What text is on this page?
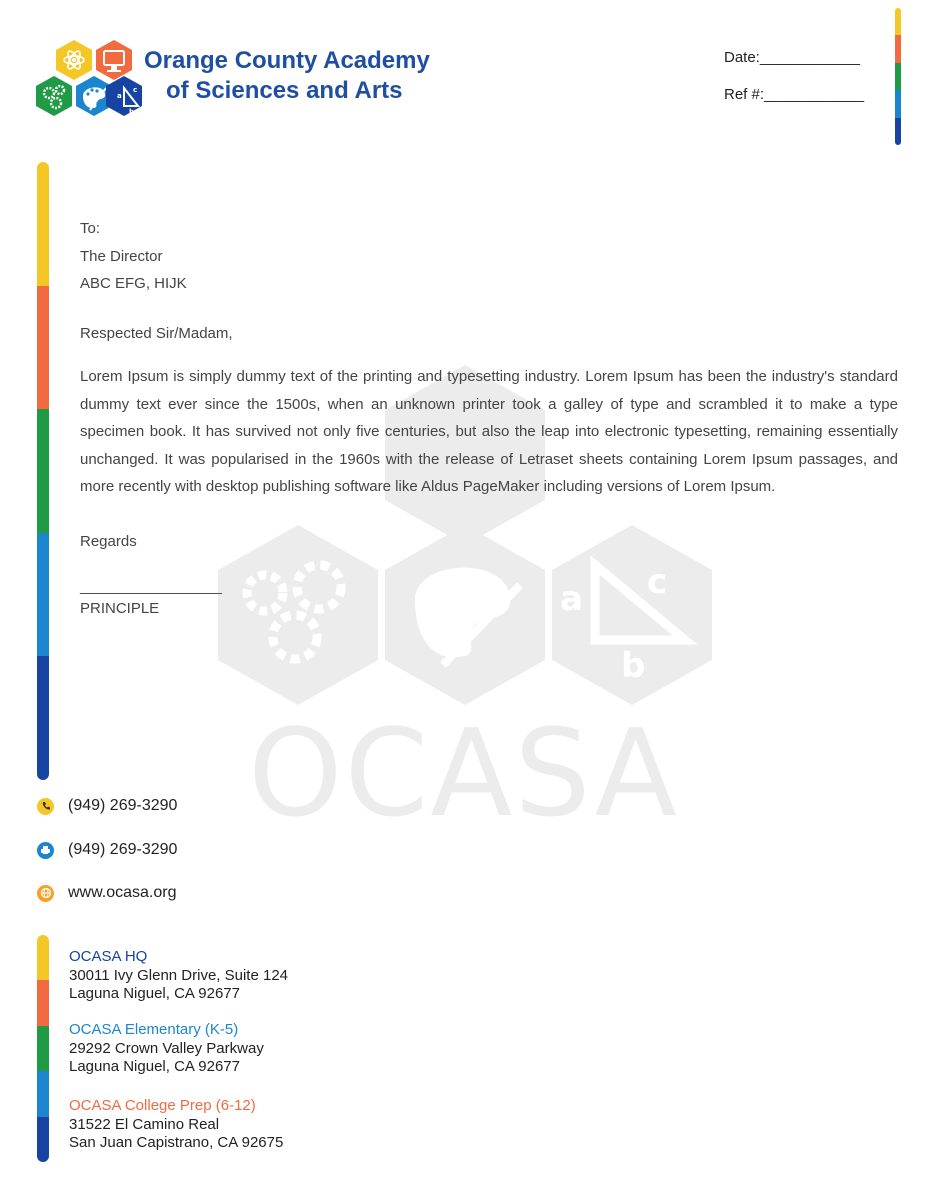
a
c
b
Orange County Academy
of Sciences and Arts
Date:____________
Ref #:____________
a c
b
OCASA

To:

The Director

ABC EFG, HIJK

Respected Sir/Madam,

Lorem Ipsum is simply dummy text of the printing and typesetting industry. Lorem Ipsum has been the industry's standard dummy text ever since the 1500s, when an unknown printer took a galley of type and scrambled it to make a type specimen book. It has survived not only five centuries, but also the leap into electronic typesetting, remaining essentially unchanged. It was popularised in the 1960s with the release of Letraset sheets containing Lorem Ipsum passages, and more recently with desktop publishing software like Aldus PageMaker including versions of Lorem Ipsum.

Regards

_________________

PRINCIPLE

(949) 269-3290
(949) 269-3290
www.ocasa.org
OCASA HQ
30011 Ivy Glenn Drive, Suite 124
Laguna Niguel, CA 92677
OCASA Elementary (K-5)
29292 Crown Valley Parkway
Laguna Niguel, CA 92677
OCASA College Prep (6-12)
31522 El Camino Real
San Juan Capistrano, CA 92675
